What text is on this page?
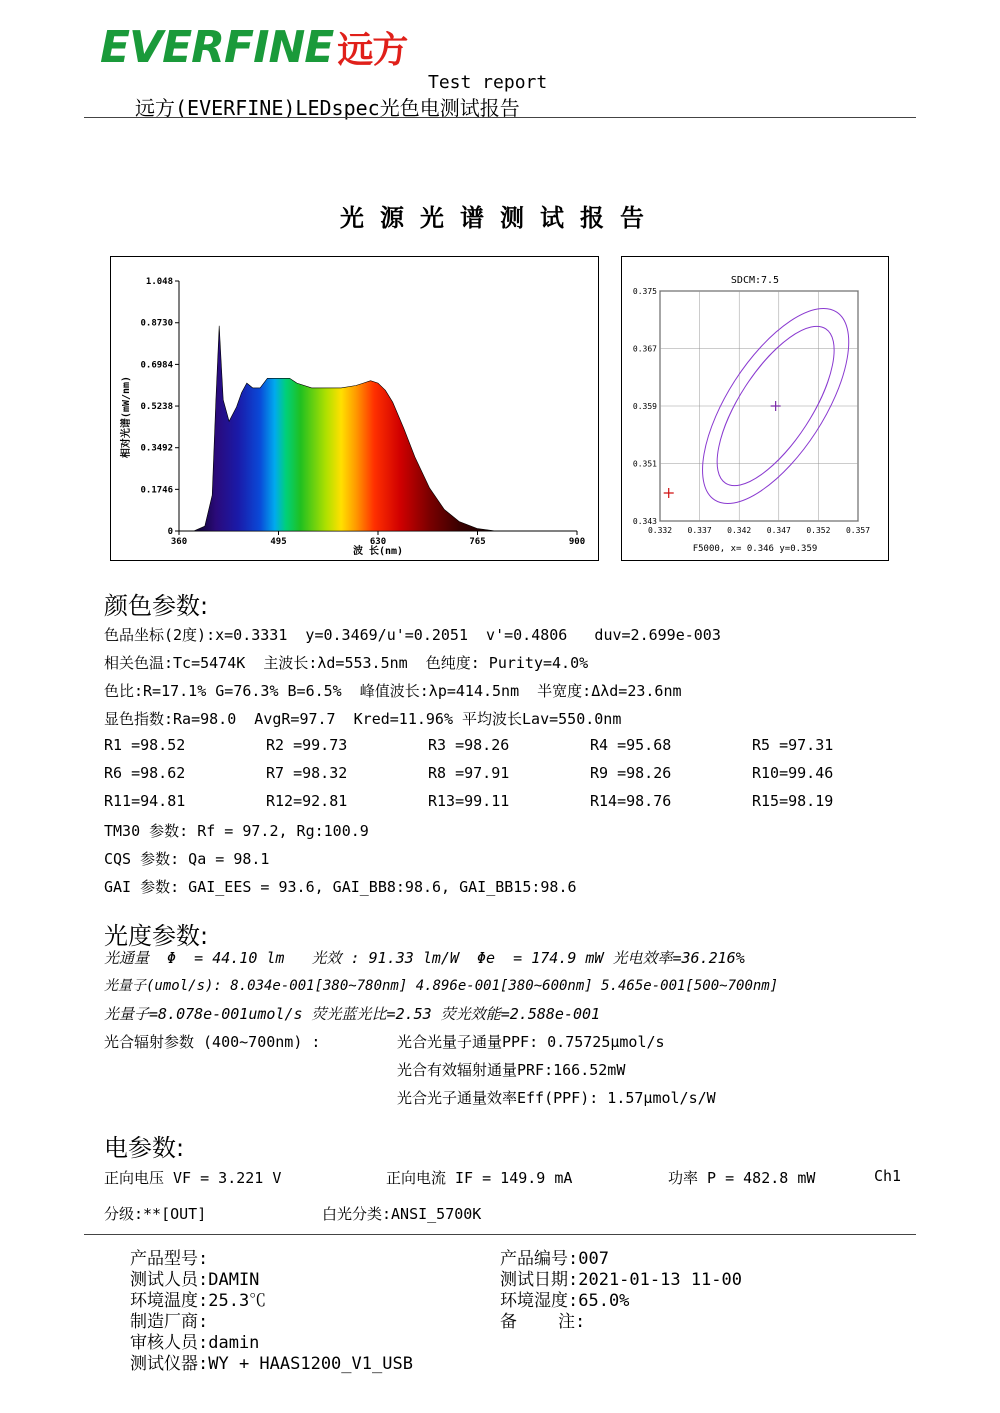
EVERFINE 远方
Test report
远方(EVERFINE)LEDspec光色电测试报告
光源光谱测试报告
1.048
0.8730
0.6984
0.5238
0.3492
0.1746
0
360	495	630	765	900
相对光谱(mW/nm)
波 长(nm)
SDCM:7.5
0.332 0.337 0.342 0.347 0.352 0.357
0.375
0.367
0.359
0.351
0.343
F5000, x= 0.346 y=0.359
颜色参数:
色品坐标(2度):x=0.3331  y=0.3469/u'=0.2051  v'=0.4806   duv=2.699e-003
相关色温:Tc=5474K  主波长:λd=553.5nm  色纯度: Purity=4.0%
色比:R=17.1% G=76.3% B=6.5%  峰值波长:λp=414.5nm  半宽度:Δλd=23.6nm
显色指数:Ra=98.0  AvgR=97.7  Kred=11.96% 平均波长Lav=550.0nm
R1 =98.52	R2 =99.73	R3 =98.26	R4 =95.68	R5 =97.31
R6 =98.62	R7 =98.32	R8 =97.91	R9 =98.26	R10=99.46
R11=94.81	R12=92.81	R13=99.11	R14=98.76	R15=98.19
TM30 参数: Rf = 97.2, Rg:100.9
CQS 参数: Qa = 98.1
GAI 参数: GAI_EES = 93.6, GAI_BB8:98.6, GAI_BB15:98.6
光度参数:
光通量  Φ  = 44.10 lm   光效 : 91.33 lm/W  Φe  = 174.9 mW 光电效率=36.216%
光量子(umol/s): 8.034e-001[380~780nm] 4.896e-001[380~600nm] 5.465e-001[500~700nm]
光量子=8.078e-001umol/s 荧光蓝光比=2.53 荧光效能=2.588e-001
光合辐射参数 (400~700nm) :	光合光量子通量PPF: 0.75725μmol/s
光合有效辐射通量PRF:166.52mW
光合光子通量效率Eff(PPF): 1.57μmol/s/W
电参数:
正向电压 VF = 3.221 V	正向电流 IF = 149.9 mA	功率 P = 482.8 mW	Ch1
分级:**[OUT]	白光分类:ANSI_5700K
产品型号:
测试人员:DAMIN
环境温度:25.3℃
制造厂商:
审核人员:damin
测试仪器:WY + HAAS1200_V1_USB
产品编号:007
测试日期:2021-01-13 11-00
环境湿度:65.0%
备    注:
